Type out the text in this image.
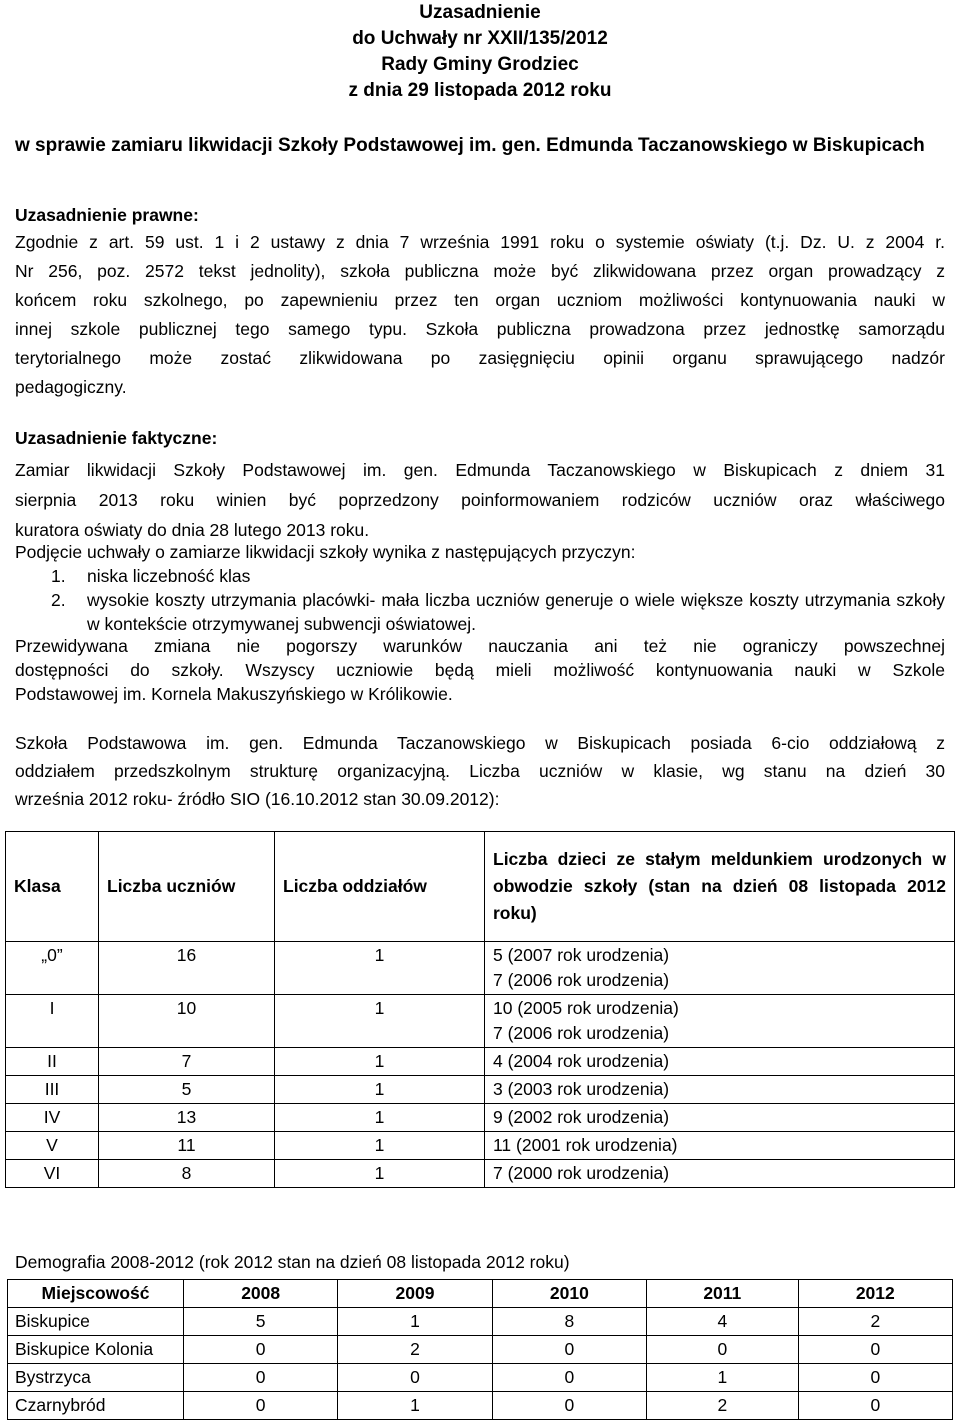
Uzasadnienie
do Uchwały nr XXII/135/2012
Rady Gminy Grodziec
z dnia 29 listopada 2012 roku
w sprawie zamiaru likwidacji Szkoły Podstawowej im. gen. Edmunda Taczanowskiego w Biskupicach
Uzasadnienie prawne:
Zgodnie z art. 59 ust. 1 i 2 ustawy z dnia 7 września 1991 roku o systemie oświaty (t.j. Dz. U. z 2004 r.
Nr 256, poz. 2572 tekst jednolity), szkoła publiczna może być zlikwidowana przez organ prowadzący z
końcem roku szkolnego, po zapewnieniu przez ten organ uczniom możliwości kontynuowania nauki w
innej szkole publicznej tego samego typu. Szkoła publiczna prowadzona przez jednostkę samorządu
terytorialnego może zostać zlikwidowana po zasięgnięciu opinii organu sprawującego nadzór
pedagogiczny.
Uzasadnienie faktyczne:
Zamiar likwidacji Szkoły Podstawowej im. gen. Edmunda Taczanowskiego w Biskupicach z dniem 31
sierpnia 2013 roku winien być poprzedzony poinformowaniem rodziców uczniów oraz właściwego
kuratora oświaty do dnia 28 lutego 2013 roku.
Podjęcie uchwały o zamiarze likwidacji szkoły wynika z następujących przyczyn:
1. niska liczebność klas
2.	wysokie koszty utrzymania placówki- mała liczba uczniów generuje o wiele większe koszty utrzymania szkoły w kontekście otrzymywanej subwencji oświatowej.
Przewidywana zmiana nie pogorszy warunków nauczania ani też nie ograniczy powszechnej
dostępności do szkoły. Wszyscy uczniowie będą mieli możliwość kontynuowania nauki w Szkole
Podstawowej im. Kornela Makuszyńskiego w Królikowie.
Szkoła Podstawowa im. gen. Edmunda Taczanowskiego w Biskupicach posiada 6-cio oddziałową z
oddziałem przedszkolnym strukturę organizacyjną. Liczba uczniów w klasie, wg stanu na dzień 30
września 2012 roku- źródło SIO (16.10.2012 stan 30.09.2012):
Klasa	Liczba uczniów	Liczba oddziałów	Liczba dzieci ze stałym meldunkiem urodzonych w obwodzie szkoły (stan na dzień 08 listopada 2012 roku)
„0”	16	1	5 (2007 rok urodzenia)
7 (2006 rok urodzenia)

I	10	1	10 (2005 rok urodzenia)
7 (2006 rok urodzenia)

II	7	1	4 (2004 rok urodzenia)
III	5	1	3 (2003 rok urodzenia)
IV	13	1	9 (2002 rok urodzenia)
V	11	1	11 (2001 rok urodzenia)
VI	8	1	7 (2000 rok urodzenia)
Demografia 2008-2012 (rok 2012 stan na dzień 08 listopada 2012 roku)
Miejscowość	2008	2009	2010	2011	2012
Biskupice	5	1	8	4	2
Biskupice Kolonia	0	2	0	0	0
Bystrzyca	0	0	0	1	0
Czarnybród	0	1	0	2	0
